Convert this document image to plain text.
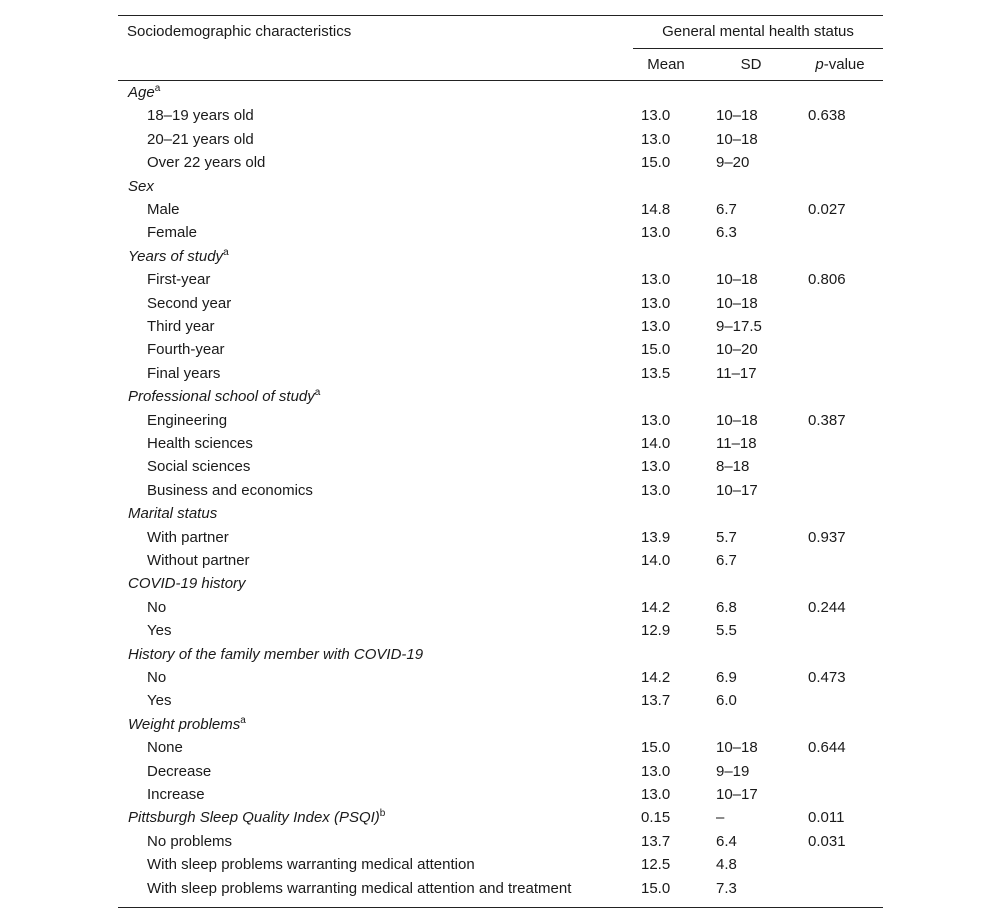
Sociodemographic characteristics	General mental health status
Mean	SD	p-value
Age$^a$
18–19 years old	13.0	10–18	0.638
20–21 years old	13.0	10–18
Over 22 years old	15.0	9–20
Sex
Male	14.8	6.7	0.027
Female	13.0	6.3
Years of study$^a$
First-year	13.0	10–18	0.806
Second year	13.0	10–18
Third year	13.0	9–17.5
Fourth-year	15.0	10–20
Final years	13.5	11–17
Professional school of study$^a$
Engineering	13.0	10–18	0.387
Health sciences	14.0	11–18
Social sciences	13.0	8–18
Business and economics	13.0	10–17
Marital status
With partner	13.9	5.7	0.937
Without partner	14.0	6.7
COVID-19 history
No	14.2	6.8	0.244
Yes	12.9	5.5
History of the family member with COVID-19
No	14.2	6.9	0.473
Yes	13.7	6.0
Weight problems$^a$
None	15.0	10–18	0.644
Decrease	13.0	9–19
Increase	13.0	10–17
Pittsburgh Sleep Quality Index (PSQI)$^b$	0.15	–	0.011
No problems	13.7	6.4	0.031
With sleep problems warranting medical attention	12.5	4.8
With sleep problems warranting medical attention and treatment	15.0	7.3
